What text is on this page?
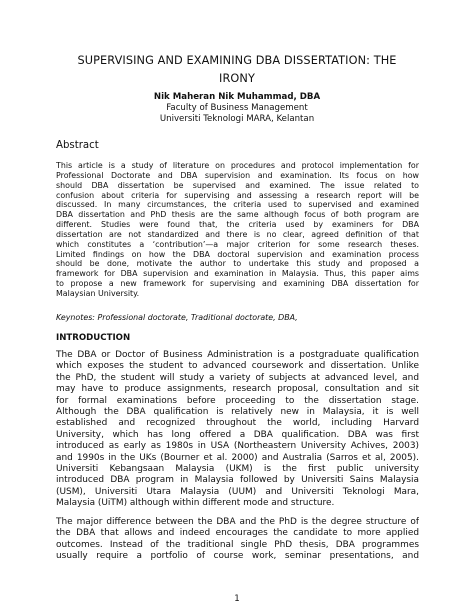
SUPERVISING AND EXAMINING DBA DISSERTATION: THE
IRONY
Nik Maheran Nik Muhammad, DBA
Faculty of Business Management
Universiti Teknologi MARA, Kelantan
Abstract
This article is a study of literature on procedures and protocol implementation for
Professional Doctorate and DBA supervision and examination. Its focus on how
should DBA dissertation be supervised and examined. The issue related to
confusion about criteria for supervising and assessing a research report will be
discussed. In many circumstances, the criteria used to supervised and examined
DBA dissertation and PhD thesis are the same although focus of both program are
different. Studies were found that, the criteria used by examiners for DBA
dissertation are not standardized and there is no clear, agreed definition of that
which constitutes a ‘contribution’—a major criterion for some research theses.
Limited findings on how the DBA doctoral supervision and examination process
should be done, motivate the author to undertake this study and proposed a
framework for DBA supervision and examination in Malaysia. Thus, this paper aims
to propose a new framework for supervising and examining DBA dissertation for
Malaysian University.
Keynotes: Professional doctorate, Traditional doctorate, DBA,
INTRODUCTION
The DBA or Doctor of Business Administration is a postgraduate qualification
which exposes the student to advanced coursework and dissertation. Unlike
the PhD, the student will study a variety of subjects at advanced level, and
may have to produce assignments, research proposal, consultation and sit
for formal examinations before proceeding to the dissertation stage.
Although the DBA qualification is relatively new in Malaysia, it is well
established and recognized throughout the world, including Harvard
University, which has long offered a DBA qualification. DBA was first
introduced as early as 1980s in USA (Northeastern University Achives, 2003)
and 1990s in the UKs (Bourner et al. 2000) and Australia (Sarros et al, 2005).
Universiti Kebangsaan Malaysia (UKM) is the first public university
introduced DBA program in Malaysia followed by Universiti Sains Malaysia
(USM), Universiti Utara Malaysia (UUM) and Universiti Teknologi Mara,
Malaysia (UiTM) although within different mode and structure.
The major difference between the DBA and the PhD is the degree structure of
the DBA that allows and indeed encourages the candidate to more applied
outcomes. Instead of the traditional single PhD thesis, DBA programmes
usually require a portfolio of course work, seminar presentations, and
1
